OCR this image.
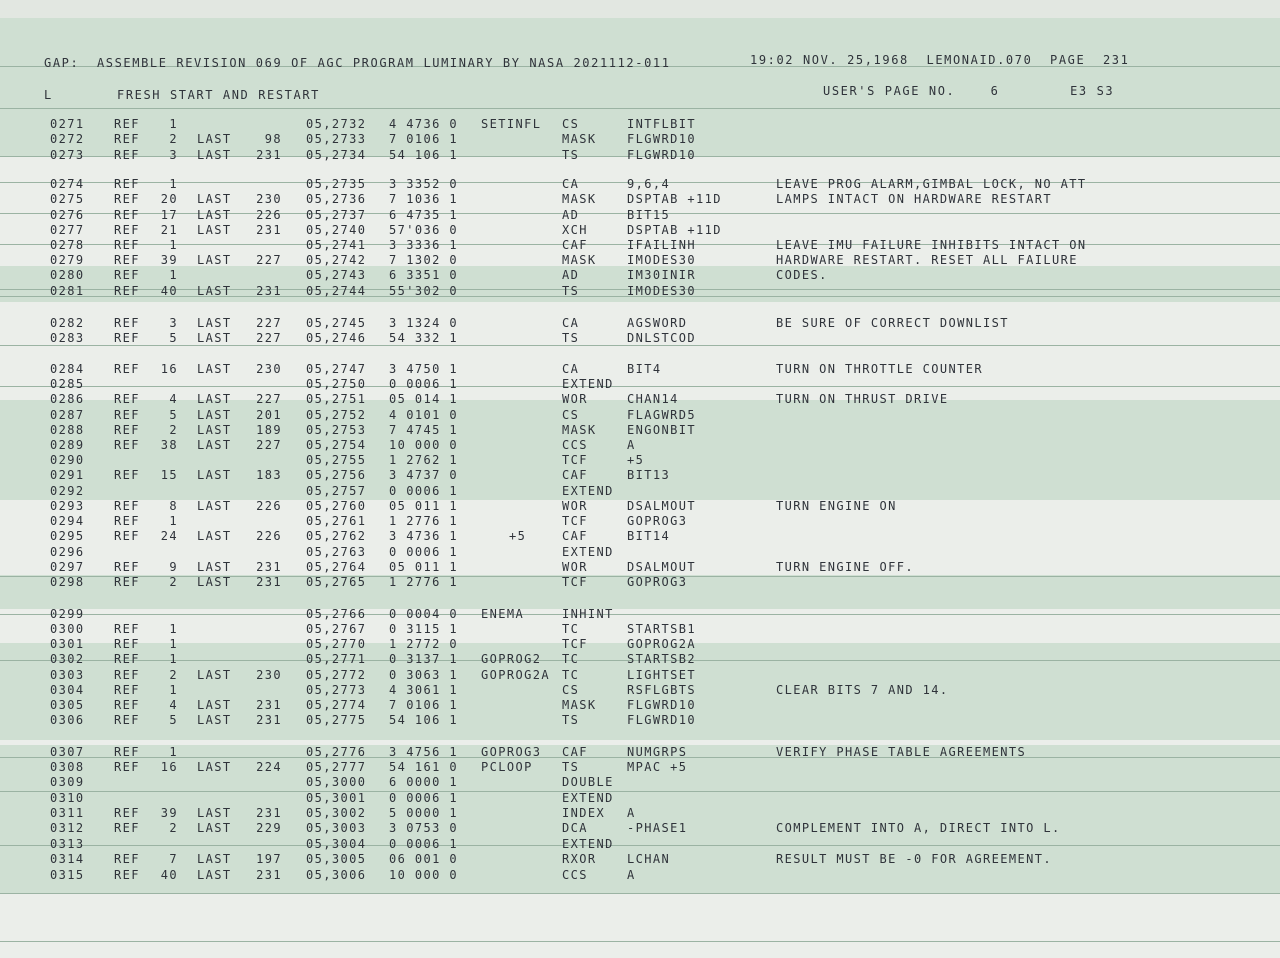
GAP:  ASSEMBLE REVISION 069 OF AGC PROGRAM LUMINARY BY NASA 2021112-011	19:02 NOV. 25,1968  LEMONAID.070  PAGE  231
L	FRESH START AND RESTART	USER'S PAGE NO.    6        E3 S3
0271 REF	1	05,2732 4 4736 0 SETINFL CS	INTFLBIT
0272 REF	2 LAST	98 05,2733 7 0106 1	MASK	FLGWRD10
0273 REF	3 LAST	231 05,2734 54 106 1	TS	FLGWRD10
0274 REF	1	05,2735 3 3352 0	CA	9,6,4	LEAVE PROG ALARM,GIMBAL LOCK, NO ATT
0275 REF	20 LAST	230 05,2736 7 1036 1	MASK	DSPTAB +11D	LAMPS INTACT ON HARDWARE RESTART
0276 REF	17 LAST	226 05,2737 6 4735 1	AD	BIT15
0277 REF	21 LAST	231 05,2740 57'036 0	XCH	DSPTAB +11D
0278 REF	1	05,2741 3 3336 1	CAF	IFAILINH	LEAVE IMU FAILURE INHIBITS INTACT ON
0279 REF	39 LAST	227 05,2742 7 1302 0	MASK	IMODES30	HARDWARE RESTART. RESET ALL FAILURE
0280 REF	1	05,2743 6 3351 0	AD	IM30INIR	CODES.
0281 REF	40 LAST	231 05,2744 55'302 0	TS	IMODES30
0282 REF	3 LAST	227 05,2745 3 1324 0	CA	AGSWORD	BE SURE OF CORRECT DOWNLIST
0283 REF	5 LAST	227 05,2746 54 332 1	TS	DNLSTCOD
0284 REF	16 LAST	230 05,2747 3 4750 1	CA	BIT4	TURN ON THROTTLE COUNTER
0285	05,2750 0 0006 1	EXTEND
0286 REF	4 LAST	227 05,2751 05 014 1	WOR	CHAN14	TURN ON THRUST DRIVE
0287 REF	5 LAST	201 05,2752 4 0101 0	CS	FLAGWRD5
0288 REF	2 LAST	189 05,2753 7 4745 1	MASK	ENGONBIT
0289 REF	38 LAST	227 05,2754 10 000 0	CCS	A
0290	05,2755 1 2762 1	TCF	+5
0291 REF	15 LAST	183 05,2756 3 4737 0	CAF	BIT13
0292	05,2757 0 0006 1	EXTEND
0293 REF	8 LAST	226 05,2760 05 011 1	WOR	DSALMOUT	TURN ENGINE ON
0294 REF	1	05,2761 1 2776 1	TCF	GOPROG3
0295 REF	24 LAST	226 05,2762 3 4736 1	+5	CAF	BIT14
0296	05,2763 0 0006 1	EXTEND
0297 REF	9 LAST	231 05,2764 05 011 1	WOR	DSALMOUT	TURN ENGINE OFF.
0298 REF	2 LAST	231 05,2765 1 2776 1	TCF	GOPROG3
0299	05,2766 0 0004 0 ENEMA	INHINT
0300 REF	1	05,2767 0 3115 1	TC	STARTSB1
0301 REF	1	05,2770 1 2772 0	TCF	GOPROG2A
0302 REF	1	05,2771 0 3137 1 GOPROG2 TC	STARTSB2
0303 REF	2 LAST	230 05,2772 0 3063 1 GOPROG2A TC	LIGHTSET
0304 REF	1	05,2773 4 3061 1	CS	RSFLGBTS	CLEAR BITS 7 AND 14.
0305 REF	4 LAST	231 05,2774 7 0106 1	MASK	FLGWRD10
0306 REF	5 LAST	231 05,2775 54 106 1	TS	FLGWRD10
0307 REF	1	05,2776 3 4756 1 GOPROG3 CAF	NUMGRPS	VERIFY PHASE TABLE AGREEMENTS
0308 REF	16 LAST	224 05,2777 54 161 0 PCLOOP TS	MPAC +5
0309	05,3000 6 0000 1	DOUBLE
0310	05,3001 0 0006 1	EXTEND
0311 REF	39 LAST	231 05,3002 5 0000 1	INDEX A
0312 REF	2 LAST	229 05,3003 3 0753 0	DCA	-PHASE1	COMPLEMENT INTO A, DIRECT INTO L.
0313	05,3004 0 0006 1	EXTEND
0314 REF	7 LAST	197 05,3005 06 001 0	RXOR	LCHAN	RESULT MUST BE -0 FOR AGREEMENT.
0315 REF	40 LAST	231 05,3006 10 000 0	CCS	A
